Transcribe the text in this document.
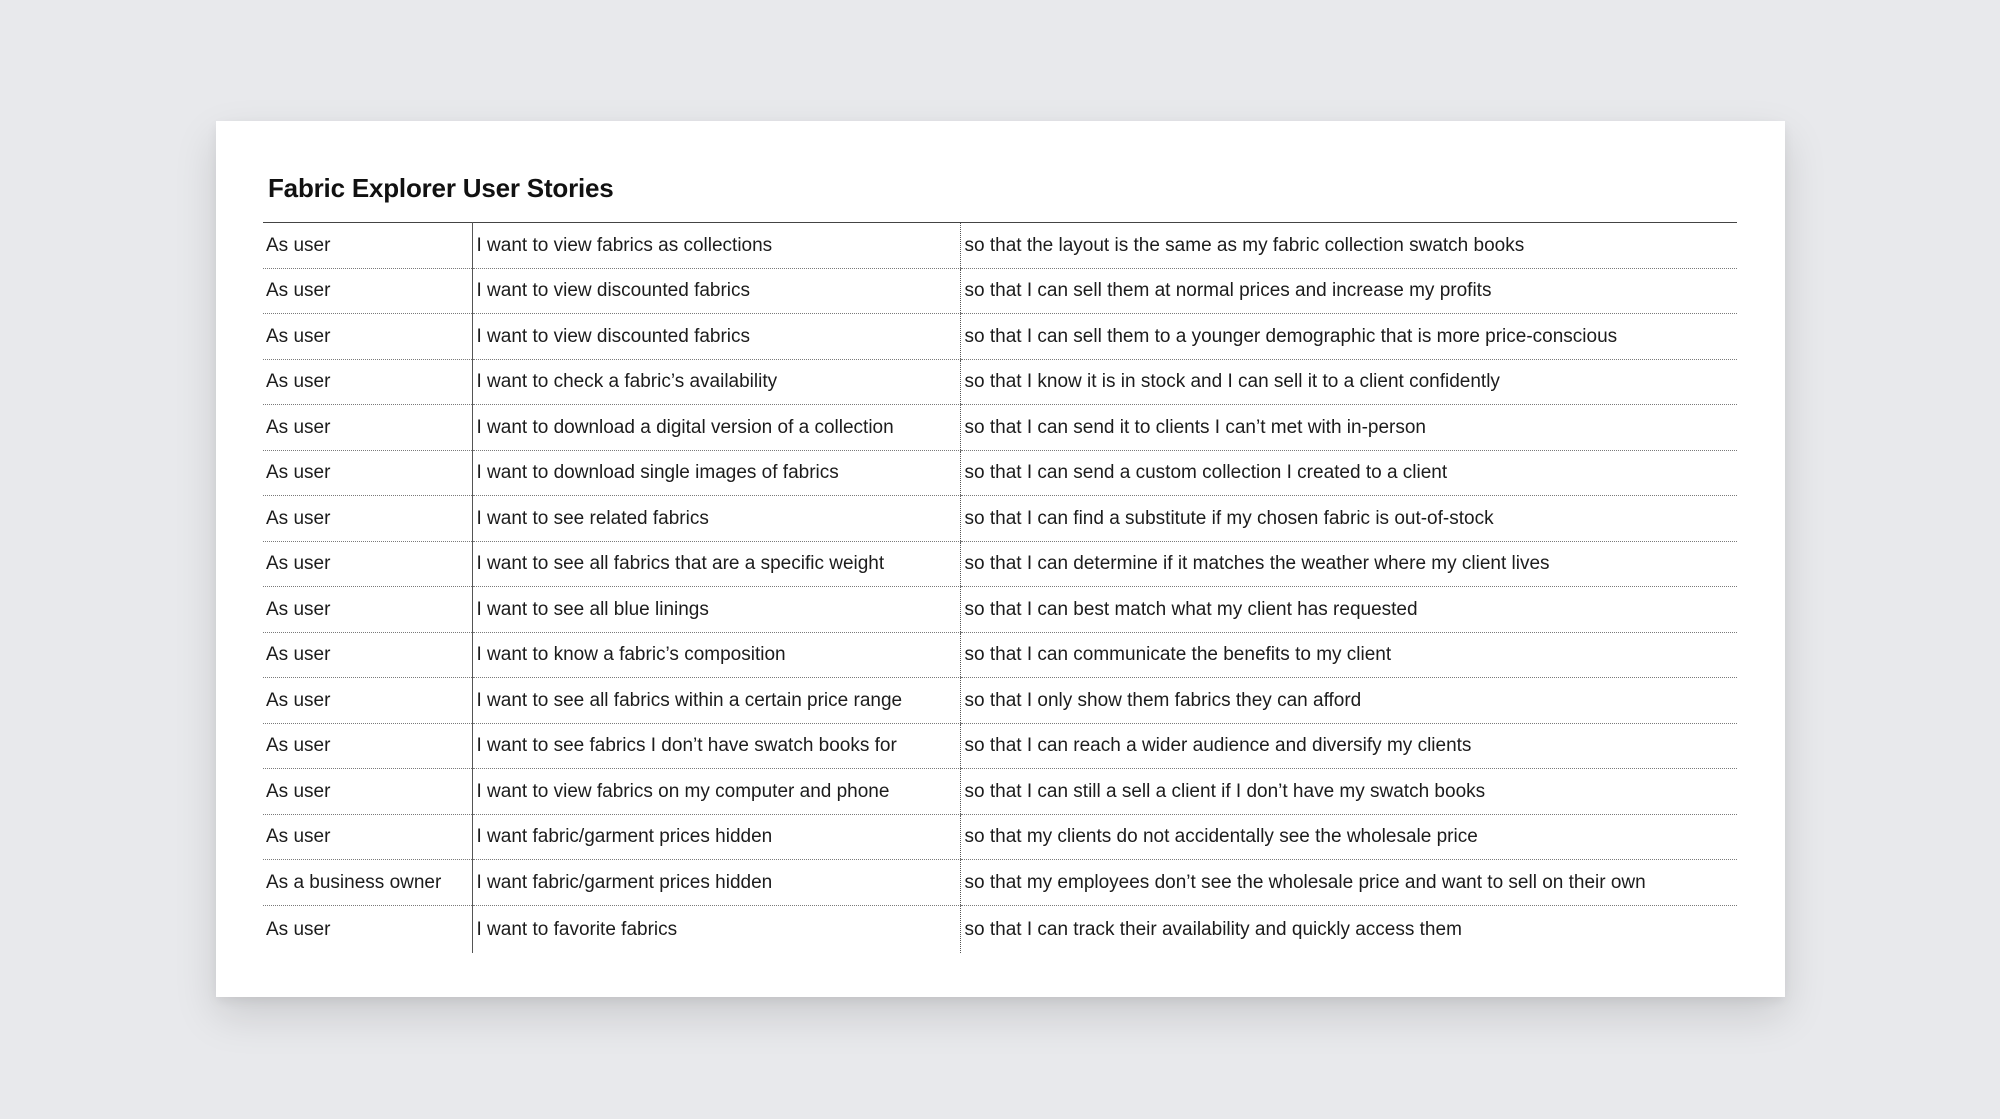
Fabric Explorer User Stories
As user	I want to view fabrics as collections	so that the layout is the same as my fabric collection swatch books
As user	I want to view discounted fabrics	so that I can sell them at normal prices and increase my profits
As user	I want to view discounted fabrics	so that I can sell them to a younger demographic that is more price-conscious
As user	I want to check a fabric’s availability	so that I know it is in stock and I can sell it to a client confidently
As user	I want to download a digital version of a collection	so that I can send it to clients I can’t met with in-person
As user	I want to download single images of fabrics	so that I can send a custom collection I created to a client
As user	I want to see related fabrics	so that I can find a substitute if my chosen fabric is out-of-stock
As user	I want to see all fabrics that are a specific weight	so that I can determine if it matches the weather where my client lives
As user	I want to see all blue linings	so that I can best match what my client has requested
As user	I want to know a fabric’s composition	so that I can communicate the benefits to my client
As user	I want to see all fabrics within a certain price range	so that I only show them fabrics they can afford
As user	I want to see fabrics I don’t have swatch books for	so that I can reach a wider audience and diversify my clients
As user	I want to view fabrics on my computer and phone	so that I can still a sell a client if I don’t have my swatch books
As user	I want fabric/garment prices hidden	so that my clients do not accidentally see the wholesale price
As a business owner	I want fabric/garment prices hidden	so that my employees don’t see the wholesale price and want to sell on their own
As user	I want to favorite fabrics	so that I can track their availability and quickly access them
